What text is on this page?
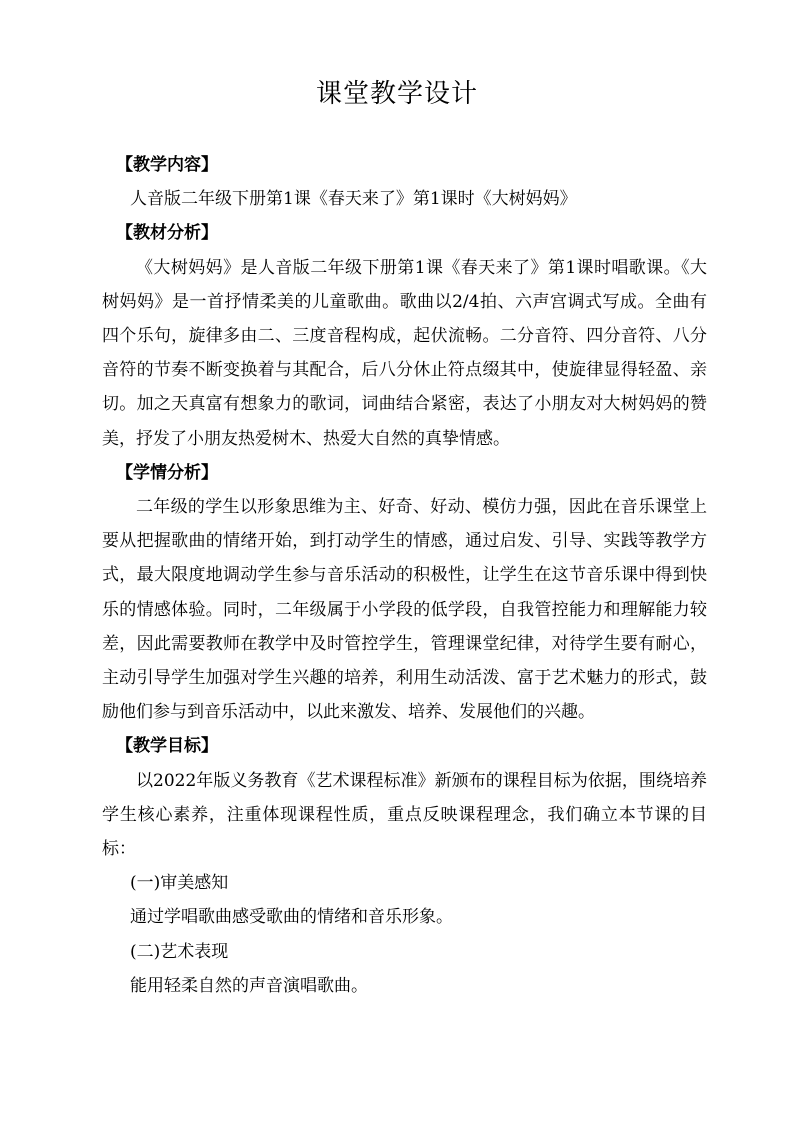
课堂教学设计

【教学内容】

人音版二年级下册第1课《春天来了》第1课时《大树妈妈》

【教材分析】

《大树妈妈》是人音版二年级下册第1课《春天来了》第1课时唱歌课。《大树妈妈》是一首抒情柔美的儿童歌曲。歌曲以2/4拍、六声宫调式写成。全曲有四个乐句，旋律多由二、三度音程构成，起伏流畅。二分音符、四分音符、八分音符的节奏不断变换着与其配合，后八分休止符点缀其中，使旋律显得轻盈、亲切。加之天真富有想象力的歌词，词曲结合紧密，表达了小朋友对大树妈妈的赞美，抒发了小朋友热爱树木、热爱大自然的真挚情感。

【学情分析】

二年级的学生以形象思维为主、好奇、好动、模仿力强，因此在音乐课堂上要从把握歌曲的情绪开始，到打动学生的情感，通过启发、引导、实践等教学方式，最大限度地调动学生参与音乐活动的积极性，让学生在这节音乐课中得到快乐的情感体验。同时，二年级属于小学段的低学段，自我管控能力和理解能力较差，因此需要教师在教学中及时管控学生，管理课堂纪律，对待学生要有耐心，主动引导学生加强对学生兴趣的培养，利用生动活泼、富于艺术魅力的形式，鼓励他们参与到音乐活动中，以此来激发、培养、发展他们的兴趣。

【教学目标】

以2022年版义务教育《艺术课程标准》新颁布的课程目标为依据，围绕培养学生核心素养，注重体现课程性质，重点反映课程理念，我们确立本节课的目标：

(一)审美感知

通过学唱歌曲感受歌曲的情绪和音乐形象。

(二)艺术表现

能用轻柔自然的声音演唱歌曲。
